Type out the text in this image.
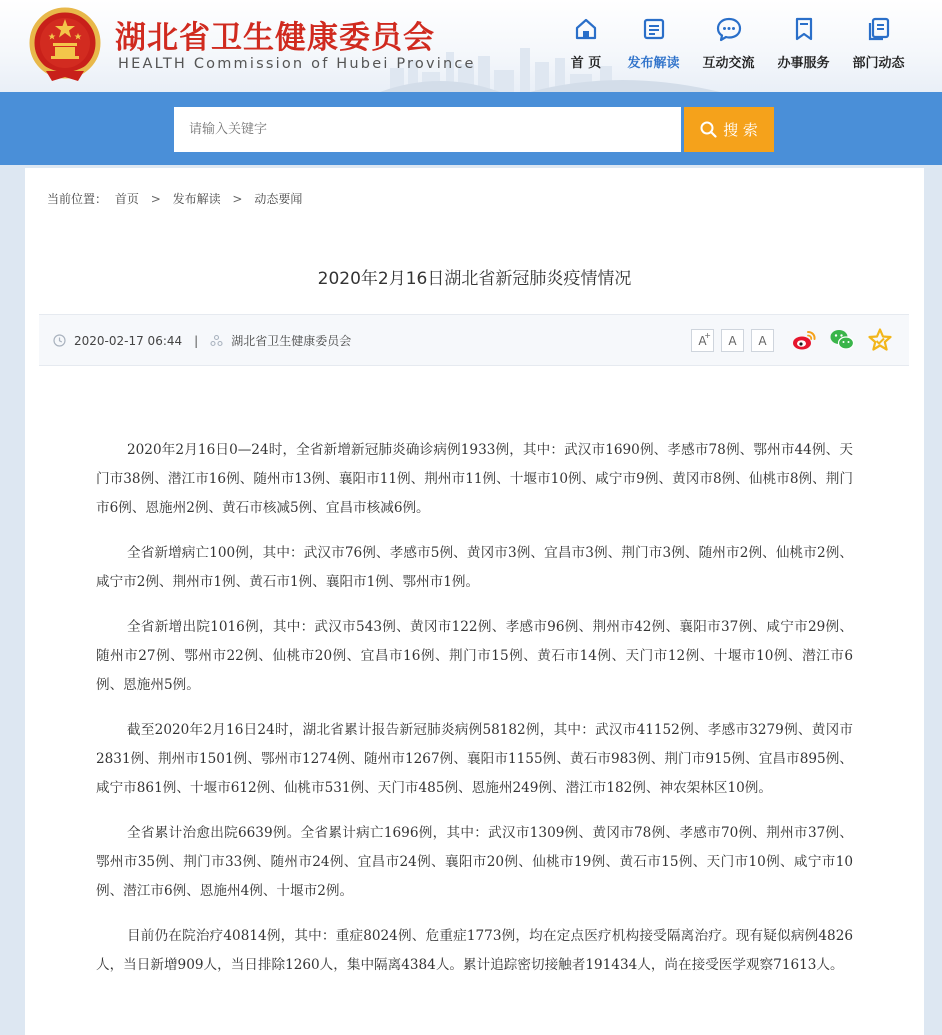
湖北省卫生健康委员会
HEALTH Commission of Hubei Province	首 页	发布解读	互动交流	办事服务	部门动态
请输入关键字
搜 索
当前位置： 首页 > 发布解读 > 动态要闻
2020年2月16日湖北省新冠肺炎疫情情况
2020-02-17 06:44 |	湖北省卫生健康委员会	A
+ A A

2020年2月16日0—24时，全省新增新冠肺炎确诊病例1933例，其中：武汉市1690例、孝感市78例、鄂州市44例、天门市38例、潜江市16例、随州市13例、襄阳市11例、荆州市11例、十堰市10例、咸宁市9例、黄冈市8例、仙桃市8例、荆门市6例、恩施州2例、黄石市核减5例、宜昌市核减6例。

全省新增病亡100例，其中：武汉市76例、孝感市5例、黄冈市3例、宜昌市3例、荆门市3例、随州市2例、仙桃市2例、咸宁市2例、荆州市1例、黄石市1例、襄阳市1例、鄂州市1例。

全省新增出院1016例，其中：武汉市543例、黄冈市122例、孝感市96例、荆州市42例、襄阳市37例、咸宁市29例、随州市27例、鄂州市22例、仙桃市20例、宜昌市16例、荆门市15例、黄石市14例、天门市12例、十堰市10例、潜江市6例、恩施州5例。

截至2020年2月16日24时，湖北省累计报告新冠肺炎病例58182例，其中：武汉市41152例、孝感市3279例、黄冈市2831例、荆州市1501例、鄂州市1274例、随州市1267例、襄阳市1155例、黄石市983例、荆门市915例、宜昌市895例、咸宁市861例、十堰市612例、仙桃市531例、天门市485例、恩施州249例、潜江市182例、神农架林区10例。

全省累计治愈出院6639例。全省累计病亡1696例，其中：武汉市1309例、黄冈市78例、孝感市70例、荆州市37例、鄂州市35例、荆门市33例、随州市24例、宜昌市24例、襄阳市20例、仙桃市19例、黄石市15例、天门市10例、咸宁市10例、潜江市6例、恩施州4例、十堰市2例。

目前仍在院治疗40814例，其中：重症8024例、危重症1773例，均在定点医疗机构接受隔离治疗。现有疑似病例4826人，当日新增909人，当日排除1260人，集中隔离4384人。累计追踪密切接触者191434人，尚在接受医学观察71613人。
